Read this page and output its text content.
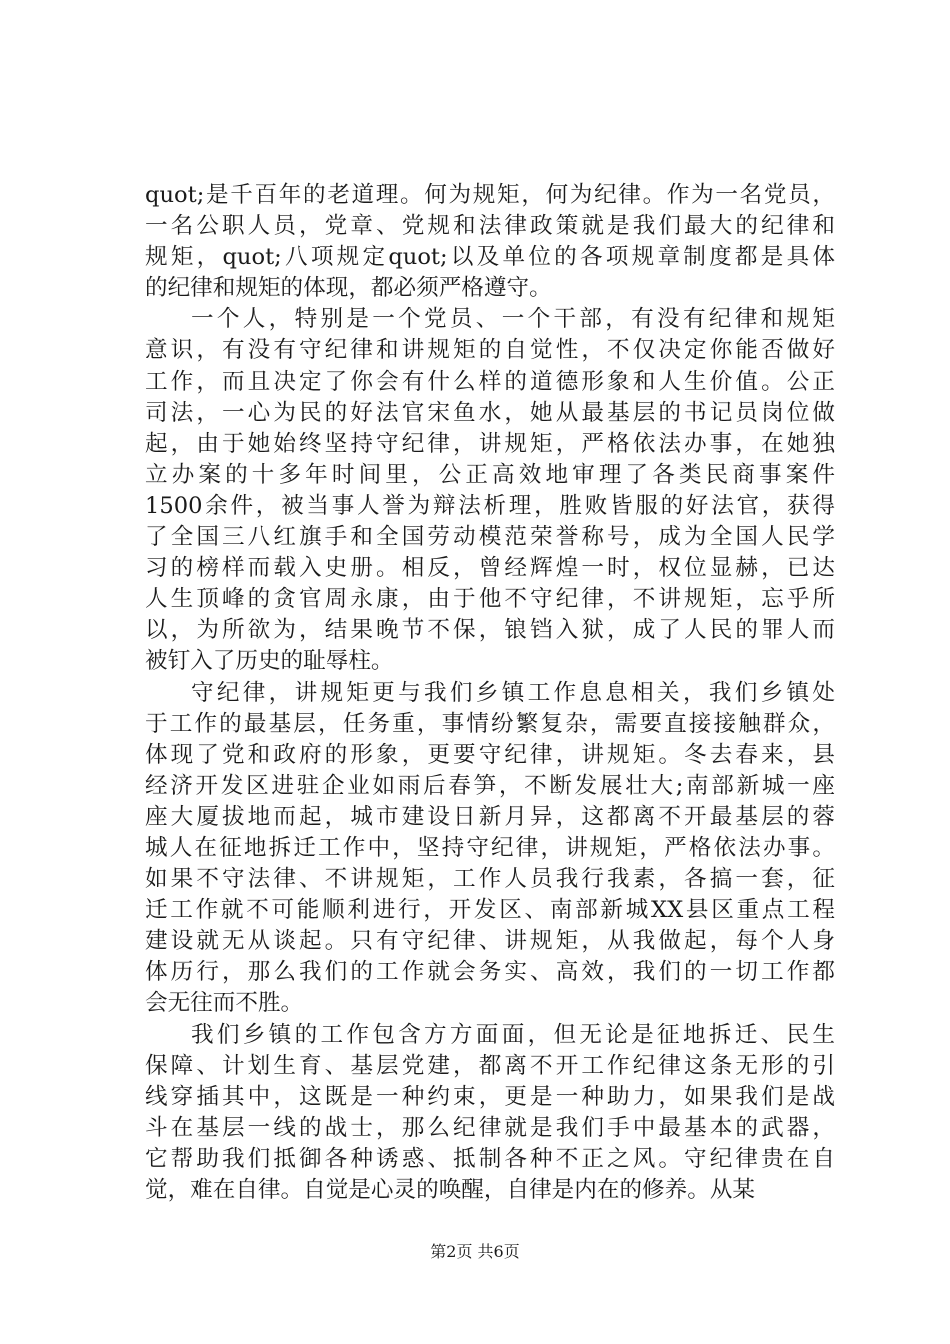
quot;是千百年的老道理。何为规矩，何为纪律。作为一名党员，
一名公职人员，党章、党规和法律政策就是我们最大的纪律和
规矩，quot;八项规定quot;以及单位的各项规章制度都是具体
的纪律和规矩的体现，都必须严格遵守。
一个人，特别是一个党员、一个干部，有没有纪律和规矩
意识，有没有守纪律和讲规矩的自觉性，不仅决定你能否做好
工作，而且决定了你会有什么样的道德形象和人生价值。公正
司法，一心为民的好法官宋鱼水，她从最基层的书记员岗位做
起，由于她始终坚持守纪律，讲规矩，严格依法办事，在她独
立办案的十多年时间里，公正高效地审理了各类民商事案件
1500余件，被当事人誉为辩法析理，胜败皆服的好法官，获得
了全国三八红旗手和全国劳动模范荣誉称号，成为全国人民学
习的榜样而载入史册。相反，曾经辉煌一时，权位显赫，已达
人生顶峰的贪官周永康，由于他不守纪律，不讲规矩，忘乎所
以，为所欲为，结果晚节不保，锒铛入狱，成了人民的罪人而
被钉入了历史的耻辱柱。
守纪律，讲规矩更与我们乡镇工作息息相关，我们乡镇处
于工作的最基层，任务重，事情纷繁复杂，需要直接接触群众，
体现了党和政府的形象，更要守纪律，讲规矩。冬去春来，县
经济开发区进驻企业如雨后春笋，不断发展壮大;南部新城一座
座大厦拔地而起，城市建设日新月异，这都离不开最基层的蓉
城人在征地拆迁工作中，坚持守纪律，讲规矩，严格依法办事。
如果不守法律、不讲规矩，工作人员我行我素，各搞一套，征
迁工作就不可能顺利进行，开发区、南部新城XX县区重点工程
建设就无从谈起。只有守纪律、讲规矩，从我做起，每个人身
体历行，那么我们的工作就会务实、高效，我们的一切工作都
会无往而不胜。
我们乡镇的工作包含方方面面，但无论是征地拆迁、民生
保障、计划生育、基层党建，都离不开工作纪律这条无形的引
线穿插其中，这既是一种约束，更是一种助力，如果我们是战
斗在基层一线的战士，那么纪律就是我们手中最基本的武器，
它帮助我们抵御各种诱惑、抵制各种不正之风。守纪律贵在自
觉，难在自律。自觉是心灵的唤醒，自律是内在的修养。从某
第2页 共6页
